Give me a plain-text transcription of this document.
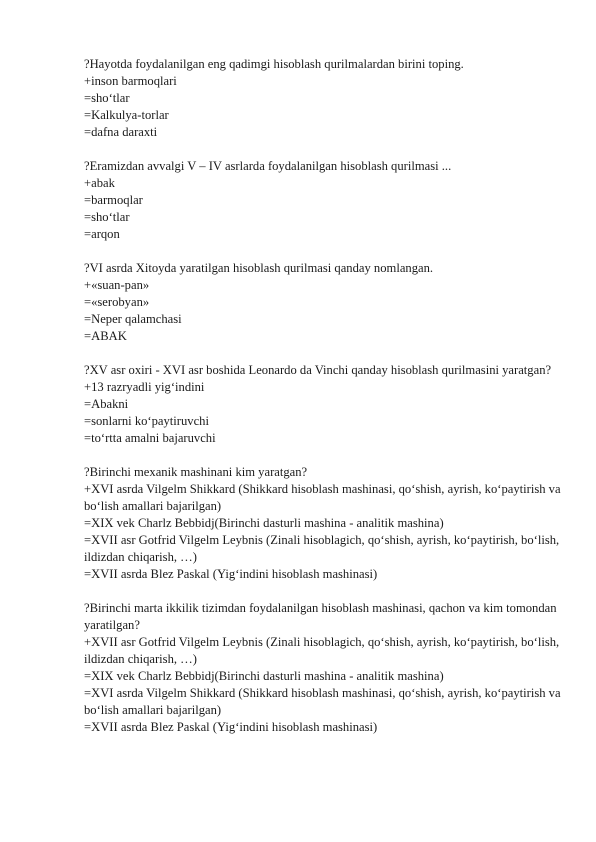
?Hayotda foydalanilgan eng qadimgi hisoblash qurilmalardan birini toping.

+inson barmoqlari

=sho‘tlar

=Kalkulya-torlar

=dafna daraxti

?Eramizdan avvalgi V – IV asrlarda foydalanilgan hisoblash qurilmasi ...

+abak

=barmoqlar

=sho‘tlar

=arqon

?VI asrda Xitoyda yaratilgan hisoblash qurilmasi qanday nomlangan.

+«suan-pan»

=«serobyan»

=Neper qalamchasi

=ABAK

?XV asr oxiri - XVI asr boshida Leonardo da Vinchi qanday hisoblash qurilmasini yaratgan?

+13 razryadli yig‘indini

=Abakni

=sonlarni ko‘paytiruvchi

=to‘rtta amalni bajaruvchi

?Birinchi mexanik mashinani kim yaratgan?

+XVI asrda Vilgelm Shikkard (Shikkard hisoblash mashinasi, qo‘shish, ayrish, ko‘paytirish va bo‘lish amallari bajarilgan)

=XIX vek Charlz Bebbidj(Birinchi dasturli mashina - analitik mashina)

=XVII asr Gotfrid Vilgelm Leybnis (Zinali hisoblagich, qo‘shish, ayrish, ko‘paytirish, bo‘lish, ildizdan chiqarish, …)

=XVII asrda Blez Paskal (Yig‘indini hisoblash mashinasi)

?Birinchi marta ikkilik tizimdan foydalanilgan hisoblash mashinasi, qachon va kim tomondan yaratilgan?

+XVII asr Gotfrid Vilgelm Leybnis (Zinali hisoblagich, qo‘shish, ayrish, ko‘paytirish, bo‘lish, ildizdan chiqarish, …)

=XIX vek Charlz Bebbidj(Birinchi dasturli mashina - analitik mashina)

=XVI asrda Vilgelm Shikkard (Shikkard hisoblash mashinasi, qo‘shish, ayrish, ko‘paytirish va bo‘lish amallari bajarilgan)

=XVII asrda Blez Paskal (Yig‘indini hisoblash mashinasi)
